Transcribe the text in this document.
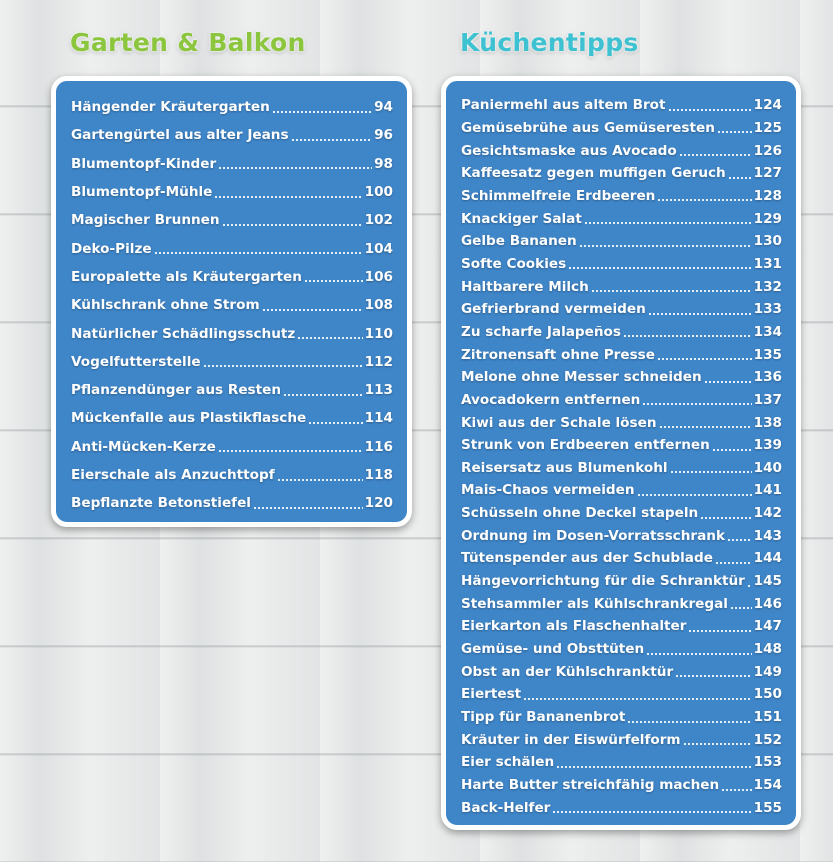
Garten & Balkon	Küchentipps
Hängender Kräutergarten	94
Gartengürtel aus alter Jeans	96
Blumentopf-Kinder	98
Blumentopf-Mühle	100
Magischer Brunnen	102
Deko-Pilze	104
Europalette als Kräutergarten	106
Kühlschrank ohne Strom	108
Natürlicher Schädlingsschutz	110
Vogelfutterstelle	112
Pflanzendünger aus Resten	113
Mückenfalle aus Plastikflasche	114
Anti-Mücken-Kerze	116
Eierschale als Anzuchttopf	118
Bepflanzte Betonstiefel	120
Paniermehl aus altem Brot	124
Gemüsebrühe aus Gemüseresten	125
Gesichtsmaske aus Avocado	126
Kaffeesatz gegen muffigen Geruch 127
Schimmelfreie Erdbeeren	128
Knackiger Salat	129
Gelbe Bananen	130
Softe Cookies	131
Haltbarere Milch	132
Gefrierbrand vermeiden	133
Zu scharfe Jalapeños	134
Zitronensaft ohne Presse	135
Melone ohne Messer schneiden	136
Avocadokern entfernen	137
Kiwi aus der Schale lösen	138
Strunk von Erdbeeren entfernen	139
Reisersatz aus Blumenkohl	140
Mais-Chaos vermeiden	141
Schüsseln ohne Deckel stapeln	142
Ordnung im Dosen-Vorratsschrank 143
Tütenspender aus der Schublade	144
Hängevorrichtung für die Schranktür 145
Stehsammler als Kühlschrankregal 146
Eierkarton als Flaschenhalter	147
Gemüse- und Obsttüten	148
Obst an der Kühlschranktür	149
Eiertest	150
Tipp für Bananenbrot	151
Kräuter in der Eiswürfelform	152
Eier schälen	153
Harte Butter streichfähig machen	154
Back-Helfer	155
